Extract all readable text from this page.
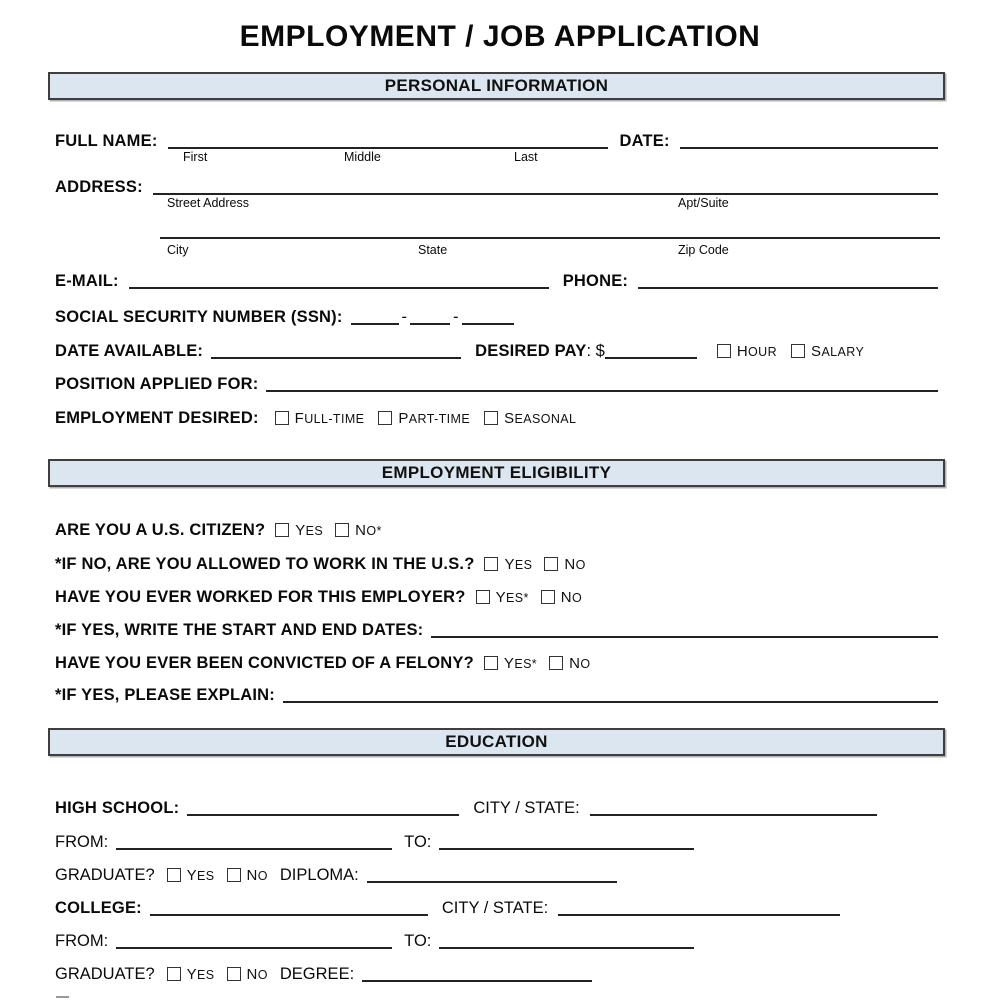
EMPLOYMENT / JOB APPLICATION
PERSONAL INFORMATION
FULL NAME:	DATE:
First	Middle	Last
ADDRESS:
Street Address	Apt/Suite
City	State	Zip Code
E-MAIL:	PHONE:
SOCIAL SECURITY NUMBER (SSN):	-	-
DATE AVAILABLE:	DESIRED PAY : $	HOUR	SALARY
POSITION APPLIED FOR:
EMPLOYMENT DESIRED:	FULL-TIME	PART-TIME	SEASONAL
EMPLOYMENT ELIGIBILITY
ARE YOU A U.S. CITIZEN? YES	NO*
*IF NO, ARE YOU ALLOWED TO WORK IN THE U.S.? YES	NO
HAVE YOU EVER WORKED FOR THIS EMPLOYER? YES*	NO
*IF YES, WRITE THE START AND END DATES:
HAVE YOU EVER BEEN CONVICTED OF A FELONY? YES*	NO
*IF YES, PLEASE EXPLAIN:
EDUCATION
HIGH SCHOOL:	CITY / STATE:
FROM:	TO:
GRADUATE?	YES	NO DIPLOMA:
COLLEGE:	CITY / STATE:
FROM:	TO:
GRADUATE?	YES	NO DEGREE:
